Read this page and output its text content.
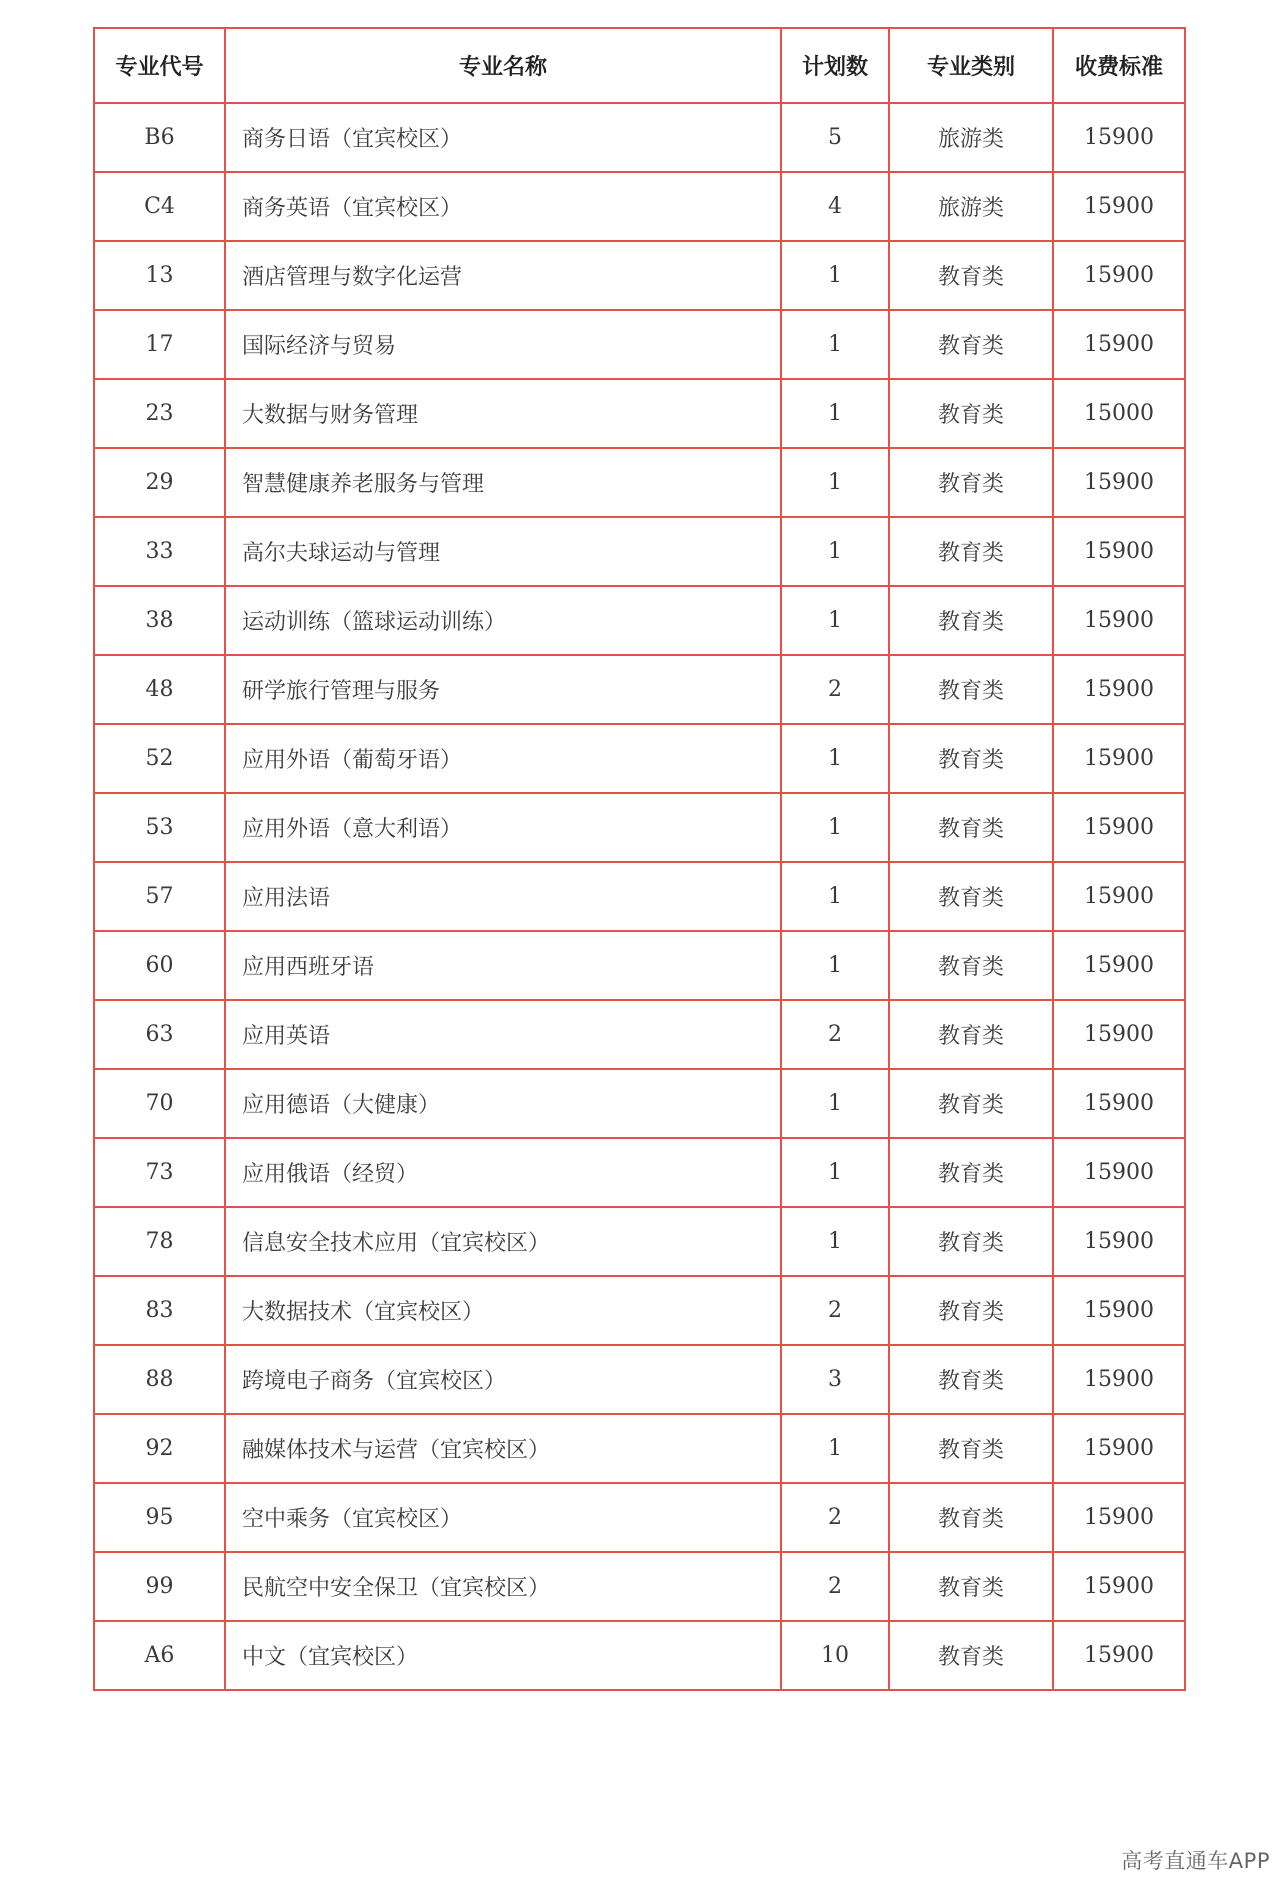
专业代号	专业名称	计划数	专业类别	收费标准
B6	商务日语（宜宾校区）	5	旅游类	15900
C4	商务英语（宜宾校区）	4	旅游类	15900
13	酒店管理与数字化运营	1	教育类	15900
17	国际经济与贸易	1	教育类	15900
23	大数据与财务管理	1	教育类	15000
29	智慧健康养老服务与管理	1	教育类	15900
33	高尔夫球运动与管理	1	教育类	15900
38	运动训练（篮球运动训练）	1	教育类	15900
48	研学旅行管理与服务	2	教育类	15900
52	应用外语（葡萄牙语）	1	教育类	15900
53	应用外语（意大利语）	1	教育类	15900
57	应用法语	1	教育类	15900
60	应用西班牙语	1	教育类	15900
63	应用英语	2	教育类	15900
70	应用德语（大健康）	1	教育类	15900
73	应用俄语（经贸）	1	教育类	15900
78	信息安全技术应用（宜宾校区）	1	教育类	15900
83	大数据技术（宜宾校区）	2	教育类	15900
88	跨境电子商务（宜宾校区）	3	教育类	15900
92	融媒体技术与运营（宜宾校区）	1	教育类	15900
95	空中乘务（宜宾校区）	2	教育类	15900
99	民航空中安全保卫（宜宾校区）	2	教育类	15900
A6	中文（宜宾校区）	10	教育类	15900
高考直通车APP
